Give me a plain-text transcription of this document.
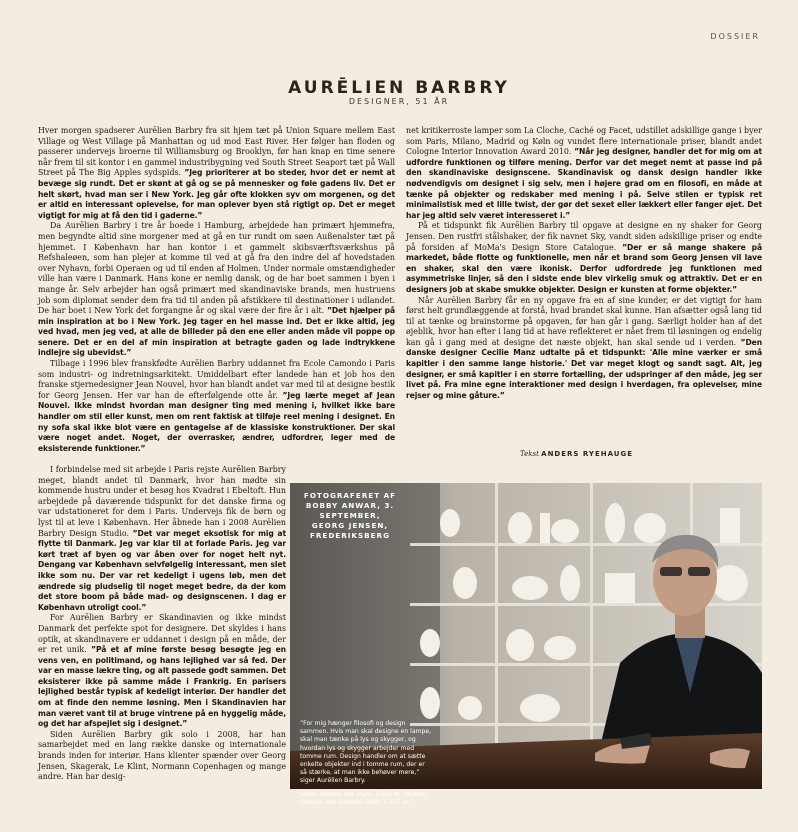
DOSSIER
AURĒLIEN BARBRY
DESIGNER, 51 ÅR

Hver morgen spadserer Aurēlien Barbry fra sit hjem tæt på Union Square mellem East Village og West Village på Manhattan og ud mod East River. Her følger han floden og passerer undervejs broerne til Williamsburg og Brooklyn, før han knap en time senere når frem til sit kontor i en gammel industribygning ved South Street Seaport tæt på Wall Street på The Big Apples sydspids. ”Jeg prioriterer at bo steder, hvor det er nemt at bevæge sig rundt. Det er skønt at gå og se på mennesker og føle gadens liv. Det er helt skørt, hvad man ser i New York. Jeg går ofte klokken syv om morgenen, og det er altid en interessant oplevelse, for man oplever byen stå rigtigt op. Det er meget vigtigt for mig at få den tid i gaderne.”

Da Aurēlien Barbry i tre år boede i Hamburg, arbejdede han primært hjemmefra, men begyndte altid sine morgener med at gå en tur rundt om søen Außenalster tæt på hjemmet. I København har han kontor i et gammelt skibsværftsværkshus på Refshaleøen, som han plejer at komme til ved at gå fra den indre del af hovedstaden over Nyhavn, forbi Operaen og ud til enden af Holmen. Under normale omstændigheder ville han være i Danmark. Hans kone er nemlig dansk, og de har boet sammen i byen i mange år. Selv arbejder han også primært med skandinaviske brands, men hustruens job som diplomat sender dem fra tid til anden på afstikkere til destinationer i udlandet. De har boet i New York det forgangne år og skal være der fire år i alt. ”Det hjælper på min inspiration at bo i New York. Jeg tager en hel masse ind. Det er ikke altid, jeg ved hvad, men jeg ved, at alle de billeder på den ene eller anden måde vil poppe op senere. Det er en del af min inspiration at betragte gaden og lade indtrykkene indlejre sig ubevidst.”

Tilbage i 1996 blev franskfødte Aurēlien Barbry uddannet fra Ecole Camondo i Paris som industri- og indretningsarkitekt. Umiddelbart efter landede han et job hos den franske stjernedesigner Jean Nouvel, hvor han blandt andet var med til at designe bestik for Georg Jensen. Her var han de efterfølgende otte år. ”Jeg lærte meget af Jean Nouvel. Ikke mindst hvordan man designer ting med mening i, hvilket ikke bare handler om stil eller kunst, men om rent faktisk at tilføje reel mening i designet. En ny sofa skal ikke blot være en gentagelse af de klassiske konstruktioner. Der skal være noget andet. Noget, der overrasker, ændrer, udfordrer, leger med de eksisterende funktioner.”

I forbindelse med sit arbejde i Paris rejste Aurēlien Barbry meget, blandt andet til Danmark, hvor han mødte sin kommende hustru under et besøg hos Kvadrat i Ebeltoft. Hun arbejdede på daværende tidspunkt for det danske firma og var udstationeret for dem i Paris. Undervejs fik de børn og lyst til at leve i København. Her åbnede han i 2008 Aurēlien Barbry Design Studio. ”Det var meget eksotisk for mig at flytte til Danmark. Jeg var klar til at forlade Paris. Jeg var kørt træt af byen og var åben over for noget helt nyt. Dengang var København selvfølgelig interessant, men slet ikke som nu. Der var ret kedeligt i ugens løb, men det ændrede sig pludselig til noget meget bedre, da der kom det store boom på både mad- og designscenen. I dag er København utroligt cool.”

For Aurēlien Barbry er Skandinavien og ikke mindst Danmark det perfekte spot for designere. Det skyldes i hans optik, at skandinavere er uddannet i design på en måde, der er ret unik. ”På et af mine første besøg besøgte jeg en vens ven, en politimand, og hans lejlighed var så fed. Der var en masse lækre ting, og alt passede godt sammen. Det eksisterer ikke på samme måde i Frankrig. En parisers lejlighed består typisk af kedeligt interiør. Der handler det om at finde den nemme løsning. Men i Skandinavien har man været vant til at bruge vintrene på en hyggelig måde, og det har afspejlet sig i designet.”

Siden Aurēlien Barbry gik solo i 2008, har han samarbejdet med en lang række danske og internationale brands inden for interiør. Hans klienter spænder over Georg Jensen, Skagerak, Le Klint, Normann Copenhagen og mange andre. Han har desig-

net kritikerroste lamper som La Cloche, Caché og Facet, udstillet adskillige gange i byer som Paris, Milano, Madrid og Køln og vundet flere internationale priser, blandt andet Cologne Interior Innovation Award 2010. ”Når jeg designer, handler det for mig om at udfordre funktionen og tilføre mening. Derfor var det meget nemt at passe ind på den skandinaviske designscene. Skandinavisk og dansk design handler ikke nødvendigvis om designet i sig selv, men i højere grad om en filosofi, en måde at tænke på objekter og redskaber med mening i på. Selve stilen er typisk ret minimalistisk med et lille twist, der gør det sexet eller lækkert eller fanger øjet. Det har jeg altid selv været interesseret i.”

På et tidspunkt fik Aurēlien Barbry til opgave at designe en ny shaker for Georg Jensen. Den rustfri stålshaker, der fik navnet Sky, vandt siden adskillige priser og endte på forsiden af MoMa's Design Store Catalogue. ”Der er så mange shakere på markedet, både flotte og funktionelle, men når et brand som Georg Jensen vil lave en shaker, skal den være ikonisk. Derfor udfordrede jeg funktionen med asymmetriske linjer, så den i sidste ende blev virkelig smuk og attraktiv. Det er en designers job at skabe smukke objekter. Design er kunsten at forme objekter.”

Når Aurēlien Barbry får en ny opgave fra en af sine kunder, er det vigtigt for ham først helt grundlæggende at forstå, hvad brandet skal kunne. Han afsætter også lang tid til at tænke og brainstorme på opgaven, før han går i gang. Særligt holder han af det øjeblik, hvor han efter i lang tid at have reflekteret er nået frem til løsningen og endelig kan gå i gang med at designe det næste objekt, han skal sende ud i verden. ”Den danske designer Cecilie Manz udtalte på et tidspunkt: 'Alle mine værker er små kapitler i den samme lange historie.' Det var meget klogt og sandt sagt. Alt, jeg designer, er små kapitler i en større fortælling, der udspringer af den måde, jeg ser livet på. Fra mine egne interaktioner med design i hverdagen, fra oplevelser, mine rejser og mine gåture.”

Tekst ANDERS RYEHAUGE
FOTOGRAFERET AF BOBBY ANWAR, 3. SEPTEMBER, GEORG JENSEN, FREDERIKSBERG
”For mig hænger filosofi og design sammen. Hvis man skal designe en lampe, skal man tænke på lys og skygger, og hvordan lys og skygger arbejder med tomme rum. Design handler om at sætte enkelte objekter ind i tomme rum, der er så stærke, at man ikke behøver mere,” siger Aurēlien Barbry.
Jakke, Barena hos Illum, 3.600 kr. Skjorte, Comme des Garcons Shirt, 1.725 kr.
